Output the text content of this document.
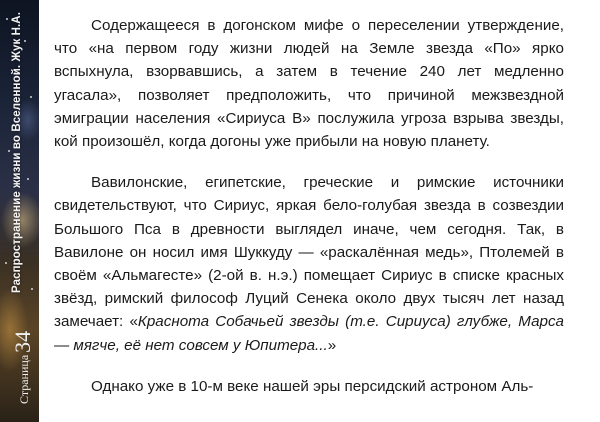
Распространение жизни во Вселенной. Жук Н.А.
Страница34

Содержащееся в догонском мифе о переселении утверждение, что «на первом году жизни людей на Земле звезда «По» ярко вспыхнула, взорвавшись, а затем в течение 240 лет медленно угасала», позволяет предположить, что причиной межзвездной эмиграции населения «Сириуса В» послужила угроза взрыва звезды, кой произошёл, когда догоны уже прибыли на новую планету.

Вавилонские, египетские, греческие и римские источники свидетельствуют, что Сириус, яркая бело-голубая звезда в созвездии Большого Пса в древности выглядел иначе, чем сегодня. Так, в Вавилоне он носил имя Шуккуду — «раскалённая медь», Птолемей в своём «Альмагесте» (2-ой в. н.э.) помещает Сириус в списке красных звёзд, римский философ Луций Сенека около двух тысяч лет назад замечает: «Краснота Собачьей звезды (т.е. Сириуса) глубже, Марса — мягче, её нет совсем у Юпитера...»

Однако уже в 10-м веке нашей эры персидский астроном Аль-
